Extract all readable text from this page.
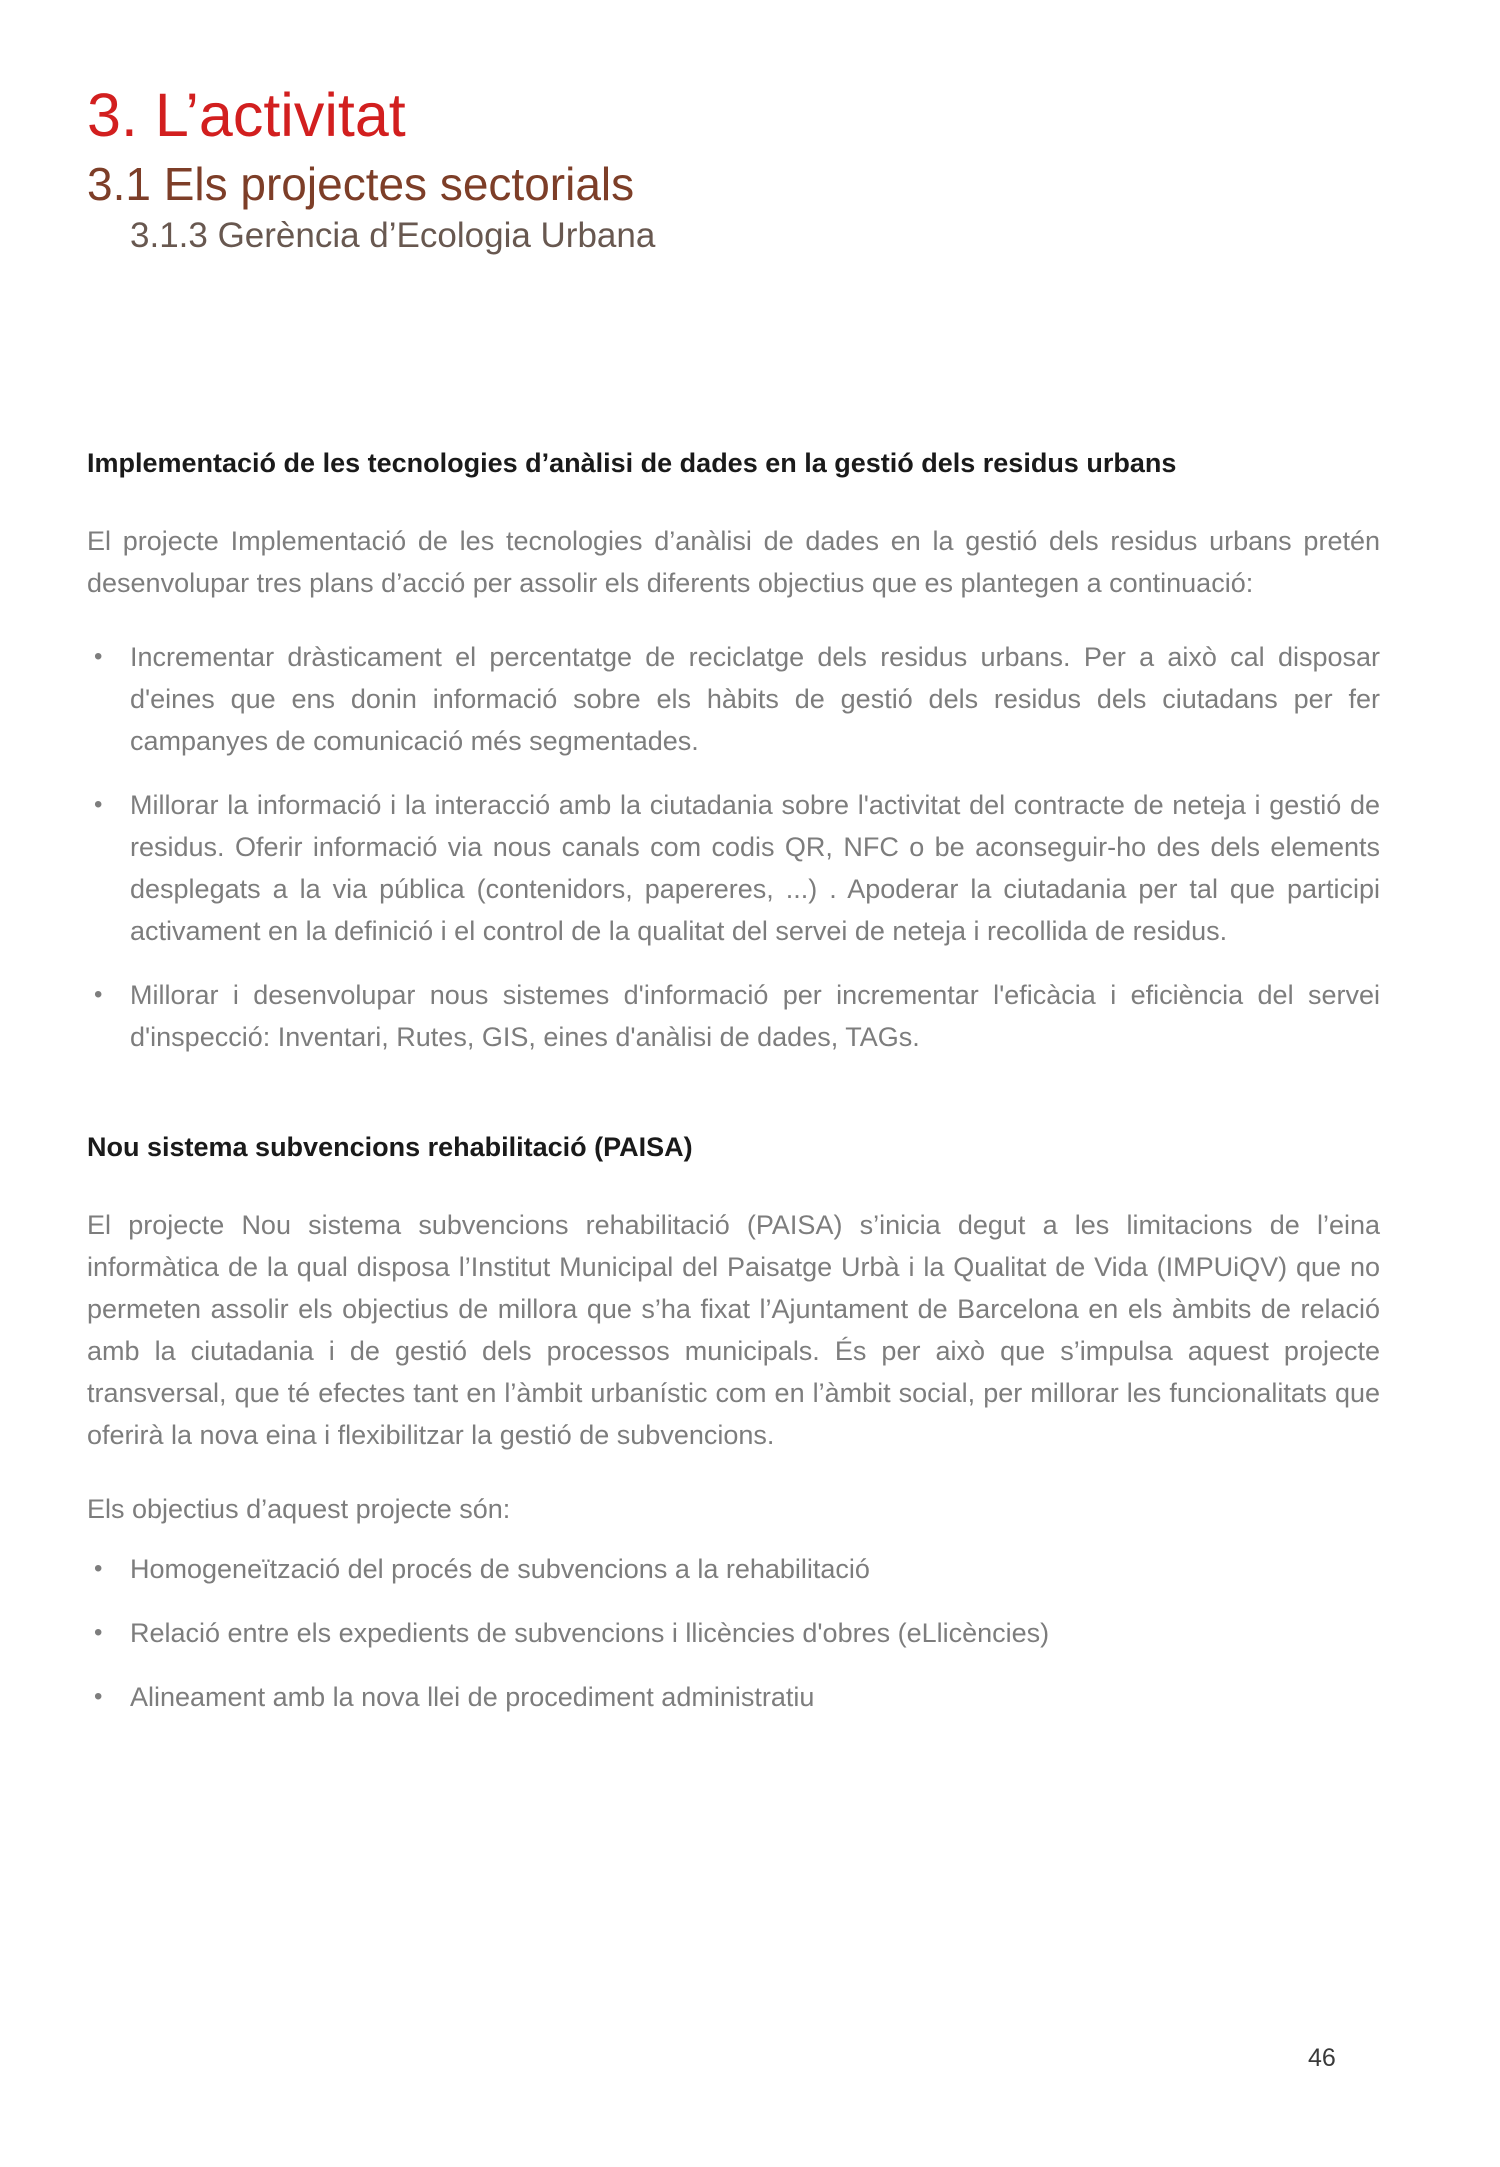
3. L’activitat
3.1 Els projectes sectorials
3.1.3 Gerència d’Ecologia Urbana
Implementació de les tecnologies d’anàlisi de dades en la gestió dels residus urbans

El projecte Implementació de les tecnologies d’anàlisi de dades en la gestió dels residus urbans pretén desenvolupar tres plans d’acció per assolir els diferents objectius que es plantegen a continuació:

•	Incrementar dràsticament el percentatge de reciclatge dels residus urbans. Per a això cal disposar d'eines que ens donin informació sobre els hàbits de gestió dels residus dels ciutadans per fer campanyes de comunicació més segmentades.
•	Millorar la informació i la interacció amb la ciutadania sobre l'activitat del contracte de neteja i gestió de residus. Oferir informació via nous canals com codis QR, NFC o be aconseguir-ho des dels elements desplegats a la via pública (contenidors, papereres, ...) . Apoderar la ciutadania per tal que participi activament en la definició i el control de la qualitat del servei de neteja i recollida de residus.
•	Millorar i desenvolupar nous sistemes d'informació per incrementar l'eficàcia i eficiència del servei d'inspecció: Inventari, Rutes, GIS, eines d'anàlisi de dades, TAGs.
Nou sistema subvencions rehabilitació (PAISA)

El projecte Nou sistema subvencions rehabilitació (PAISA) s’inicia degut a les limitacions de l’eina informàtica de la qual disposa l’Institut Municipal del Paisatge Urbà i la Qualitat de Vida (IMPUiQV) que no permeten assolir els objectius de millora que s’ha fixat l’Ajuntament de Barcelona en els àmbits de relació amb la ciutadania i de gestió dels processos municipals. És per això que s’impulsa aquest projecte transversal, que té efectes tant en l’àmbit urbanístic com en l’àmbit social, per millorar les funcionalitats que oferirà la nova eina i flexibilitzar la gestió de subvencions.

Els objectius d’aquest projecte són:

•	Homogeneïtzació del procés de subvencions a la rehabilitació
•	Relació entre els expedients de subvencions i llicències d'obres (eLlicències)
•	Alineament amb la nova llei de procediment administratiu
46
